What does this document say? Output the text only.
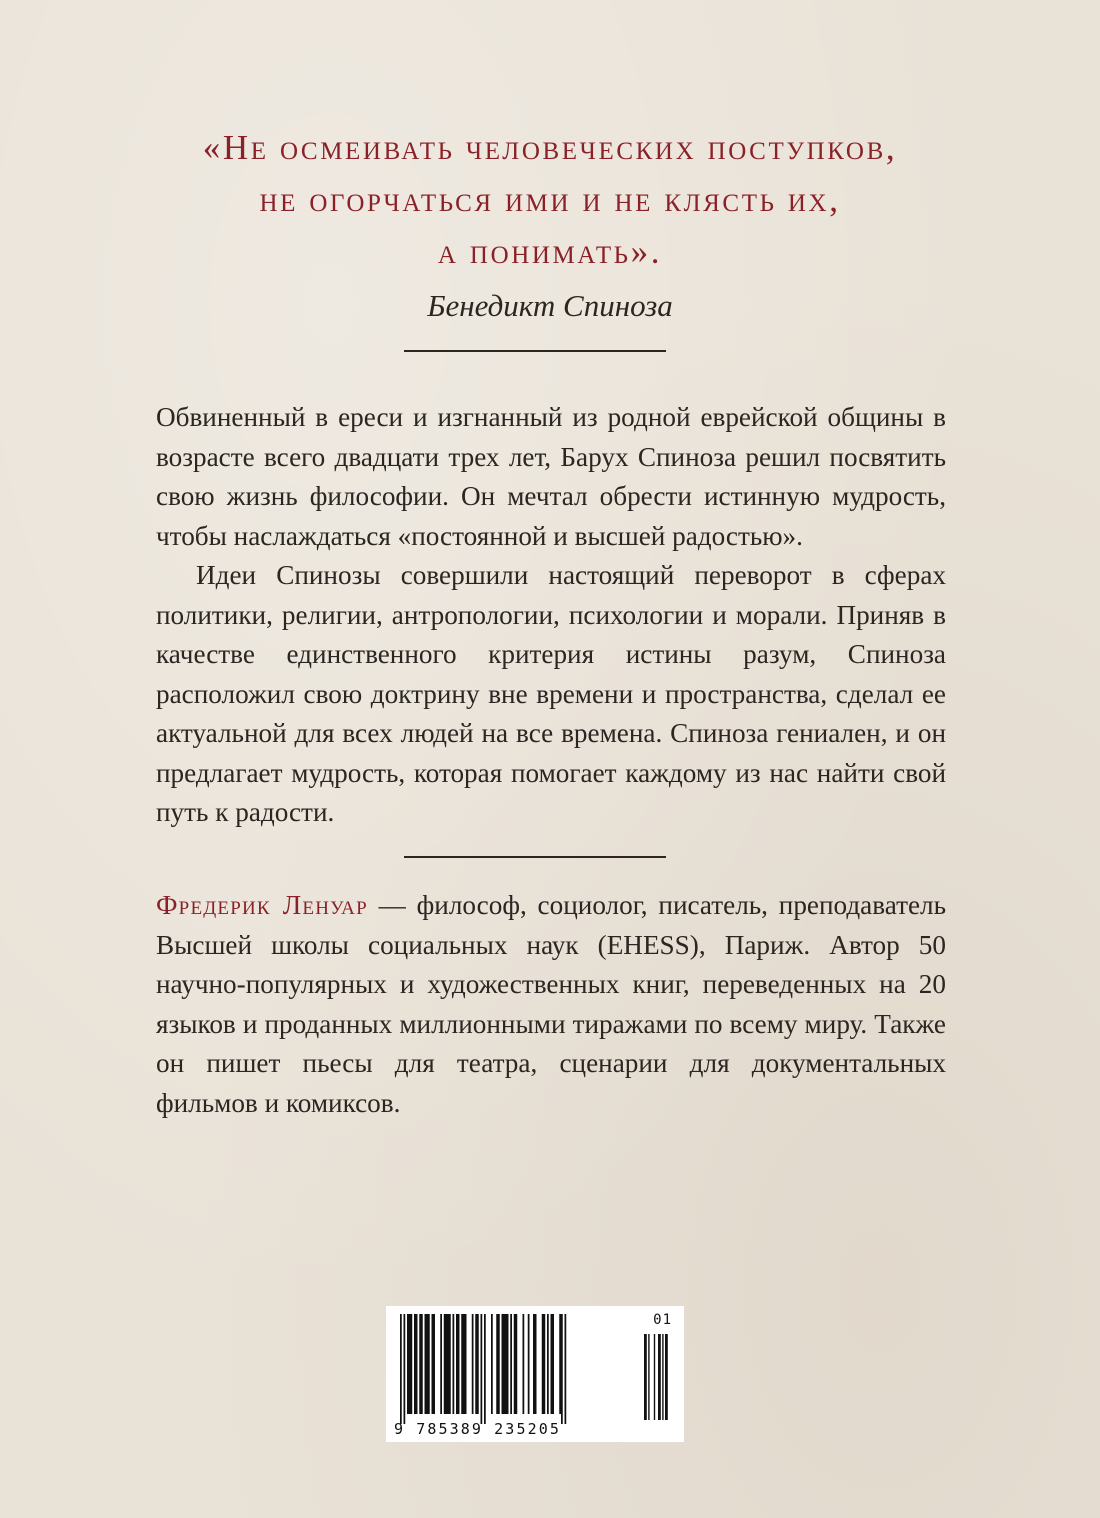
«Не осмеивать человеческих поступков,
не огорчаться ими и не клясть их,
а понимать».
Бенедикт Спиноза

Обвиненный в ереси и изгнанный из родной еврейской общины в возрасте всего двадцати трех лет, Барух Спиноза решил посвятить свою жизнь философии. Он мечтал обрести истинную мудрость, чтобы наслаждаться «постоянной и высшей радостью».

Идеи Спинозы совершили настоящий переворот в сферах политики, религии, антропологии, психологии и морали. Приняв в качестве единственного критерия истины разум, Спиноза расположил свою доктрину вне времени и пространства, сделал ее актуальной для всех людей на все времена. Спиноза гениален, и он предлагает мудрость, которая помогает каждому из нас найти свой путь к радости.

Фредерик Ленуар — философ, социолог, писатель, преподаватель Высшей школы социальных наук (EHESS), Париж. Автор 50 научно-популярных и художественных книг, переведенных на 20 языков и проданных миллионными тиражами по всему миру. Также он пишет пьесы для театра, сценарии для документальных фильмов и комиксов.

01
9 785389 235205
